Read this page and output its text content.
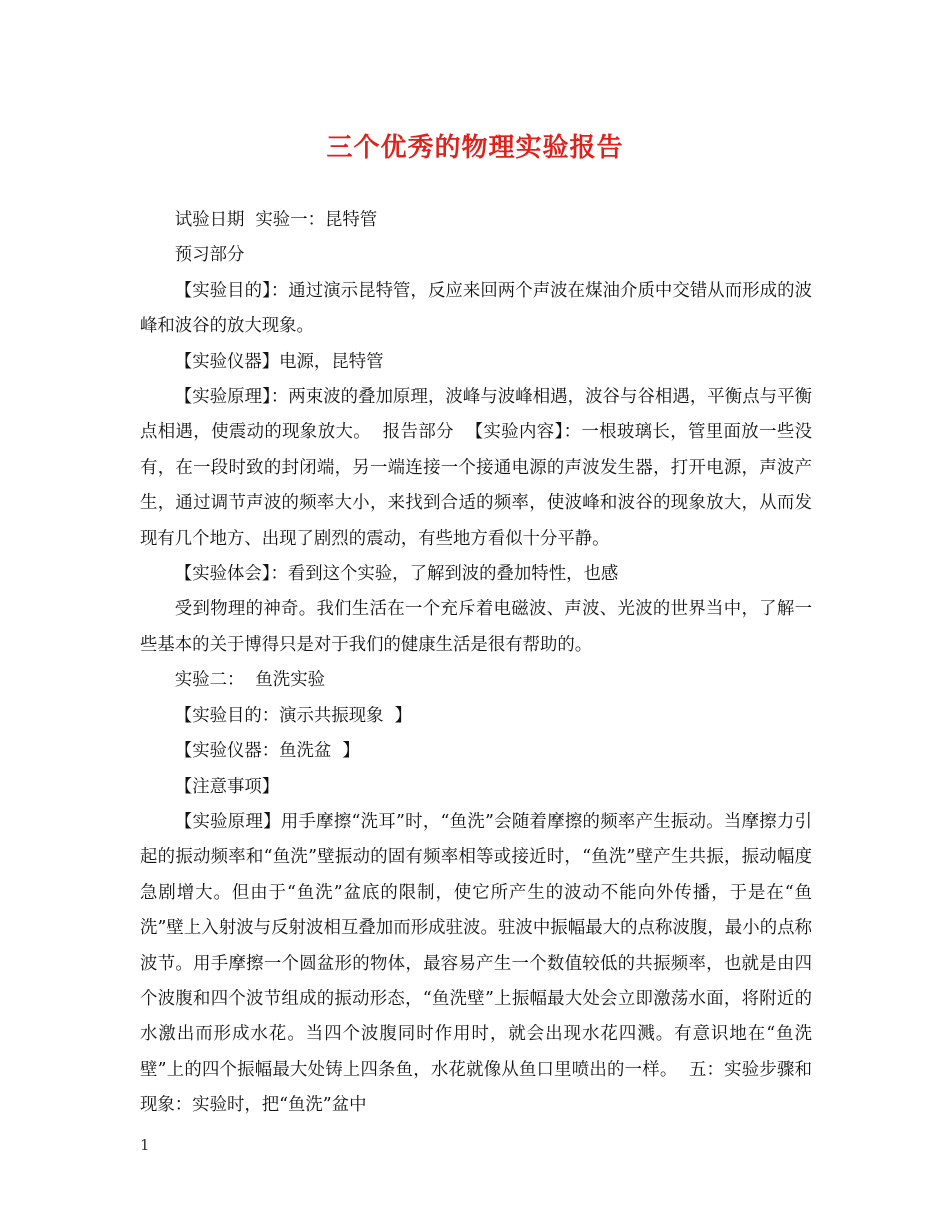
三个优秀的物理实验报告

试验日期  实验一：昆特管

预习部分

【实验目的】：通过演示昆特管，反应来回两个声波在煤油介质中交错从而形成的波峰和波谷的放大现象。

【实验仪器】电源，昆特管

【实验原理】：两束波的叠加原理，波峰与波峰相遇，波谷与谷相遇，平衡点与平衡点相遇，使震动的现象放大。  报告部分  【实验内容】：一根玻璃长，管里面放一些没有，在一段时致的封闭端，另一端连接一个接通电源的声波发生器，打开电源，声波产生，通过调节声波的频率大小，来找到合适的频率，使波峰和波谷的现象放大，从而发现有几个地方、出现了剧烈的震动，有些地方看似十分平静。

【实验体会】：看到这个实验，了解到波的叠加特性，也感

受到物理的神奇。我们生活在一个充斥着电磁波、声波、光波的世界当中，了解一些基本的关于博得只是对于我们的健康生活是很有帮助的。

实验二：  鱼洗实验

【实验目的：演示共振现象  】

【实验仪器：鱼洗盆  】

【注意事项】

【实验原理】用手摩擦“洗耳”时，“鱼洗”会随着摩擦的频率产生振动。当摩擦力引起的振动频率和“鱼洗”壁振动的固有频率相等或接近时，“鱼洗”壁产生共振，振动幅度急剧增大。但由于“鱼洗”盆底的限制，使它所产生的波动不能向外传播，于是在“鱼洗”壁上入射波与反射波相互叠加而形成驻波。驻波中振幅最大的点称波腹，最小的点称波节。用手摩擦一个圆盆形的物体，最容易产生一个数值较低的共振频率，也就是由四个波腹和四个波节组成的振动形态，“鱼洗壁”上振幅最大处会立即激荡水面，将附近的水激出而形成水花。当四个波腹同时作用时，就会出现水花四溅。有意识地在“鱼洗壁”上的四个振幅最大处铸上四条鱼，水花就像从鱼口里喷出的一样。  五：实验步骤和现象：实验时，把“鱼洗”盆中

1
